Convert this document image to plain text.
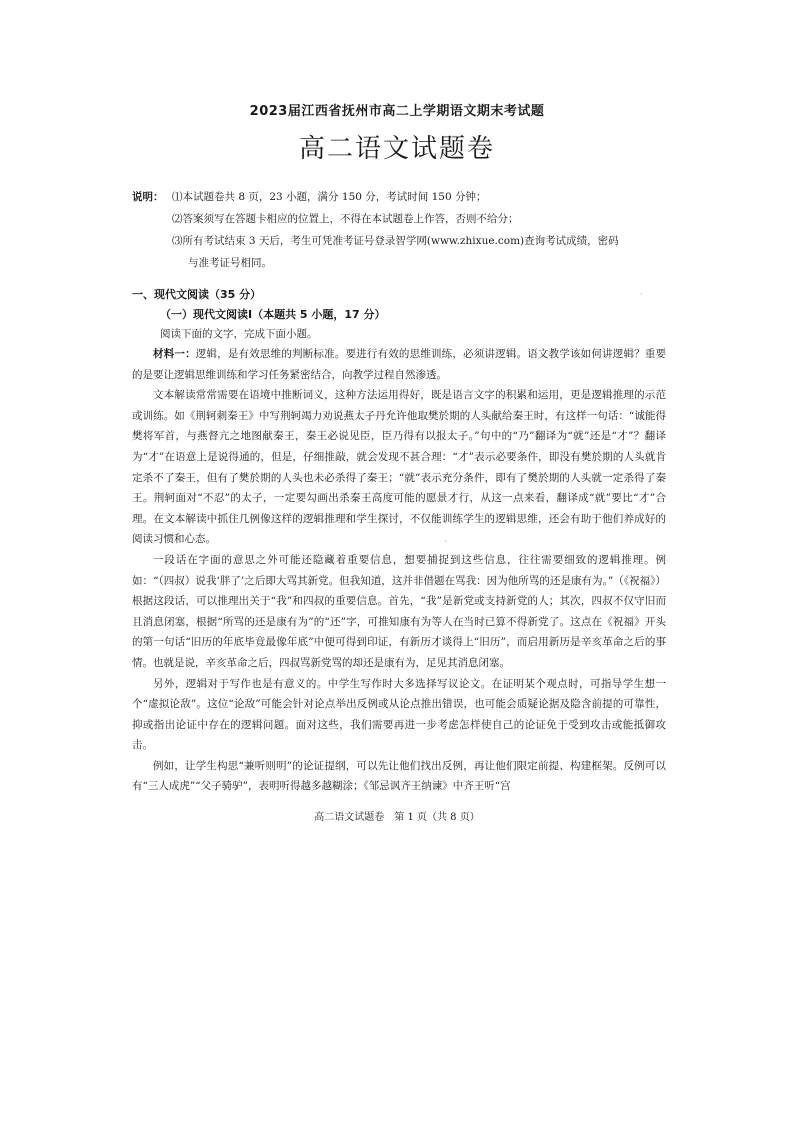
2023届江西省抚州市高二上学期语文期末考试题
高二语文试题卷
说明： ⑴本试题卷共 8 页，23 小题，满分 150 分，考试时间 150 分钟；
⑵答案须写在答题卡相应的位置上，不得在本试题卷上作答，否则不给分；
⑶所有考试结束 3 天后，考生可凭准考证号登录智学网(www.zhixue.com)查询考试成绩，密码
与准考证号相同。
一、现代文阅读（35 分）	·
（一）现代文阅读Ⅰ（本题共 5 小题，17 分）
阅读下面的文字，完成下面小题。

材料一：逻辑，是有效思维的判断标准。要进行有效的思维训练，必须讲逻辑。语文教学该如何讲逻辑？重要的是要让逻辑思维训练和学习任务紧密结合，向教学过程自然渗透。

文本解读常常需要在语境中推断词义，这种方法运用得好，既是语言文字的积累和运用，更是逻辑推理的示范或训练。如《荆轲刺秦王》中写荆轲竭力劝说燕太子丹允许他取樊於期的人头献给秦王时，有这样一句话：“诚能得樊将军首，与燕督亢之地图献秦王，秦王必说见臣，臣乃得有以报太子。”句中的“乃”翻译为“就”还是“才”？翻译为“才”在语意上是说得通的，但是，仔细推敲，就会发现不甚合理：“才”表示必要条件，即没有樊於期的人头就肯定杀不了秦王，但有了樊於期的人头也未必杀得了秦王；“就”表示充分条件，即有了樊於期的人头就一定杀得了秦王。荆轲面对“不忍”的太子，一定要勾画出杀秦王高度可能的愿景才行，从这一点来看，翻译成“就”要比“才”合理。在文本解读中抓住几例像这样的逻辑推理和学生探讨，不仅能训练学生的逻辑思维，还会有助于他们养成好的阅读习惯和心态。

一段话在字面的意思之外可能还隐藏着重要信息，想要捕捉到这些信息，往往需要细致的逻辑推理。例如：“（四叔）说我‘胖了’之后即大骂其新党。但我知道，这并非借题在骂我：因为他所骂的还是康有为。”（《祝福》）根据这段话，可以推理出关于“我”和四叔的重要信息。首先，“我”是新党或支持新党的人；其次，四叔不仅守旧而且消息闭塞，根据“所骂的还是康有为”的“还”字，可推知康有为等人在当时已算不得新党了。这点在《祝福》开头的第一句话“旧历的年底毕竟最像年底”中便可得到印证，有新历才谈得上“旧历”，而启用新历是辛亥革命之后的事情。也就是说，辛亥革命之后，四叔骂新党骂的却还是康有为，足见其消息闭塞。

另外，逻辑对于写作也是有意义的。中学生写作时大多选择写议论文。在证明某个观点时，可指导学生想一个“虚拟论敌”。这位“论敌”可能会针对论点举出反例或从论点推出错误，也可能会质疑论据及隐含前提的可靠性，抑或指出论证中存在的逻辑问题。面对这些，我们需要再进一步考虑怎样使自己的论证免于受到攻击或能抵御攻击。

例如，让学生构思“兼听则明”的论证提纲，可以先让他们找出反例，再让他们限定前提、构建框架。反例可以有“三人成虎”“父子骑驴”，表明听得越多越糊涂；《邹忌讽齐王纳谏》中齐王听“宫

`
高二语文试题卷　第 1 页（共 8 页）
